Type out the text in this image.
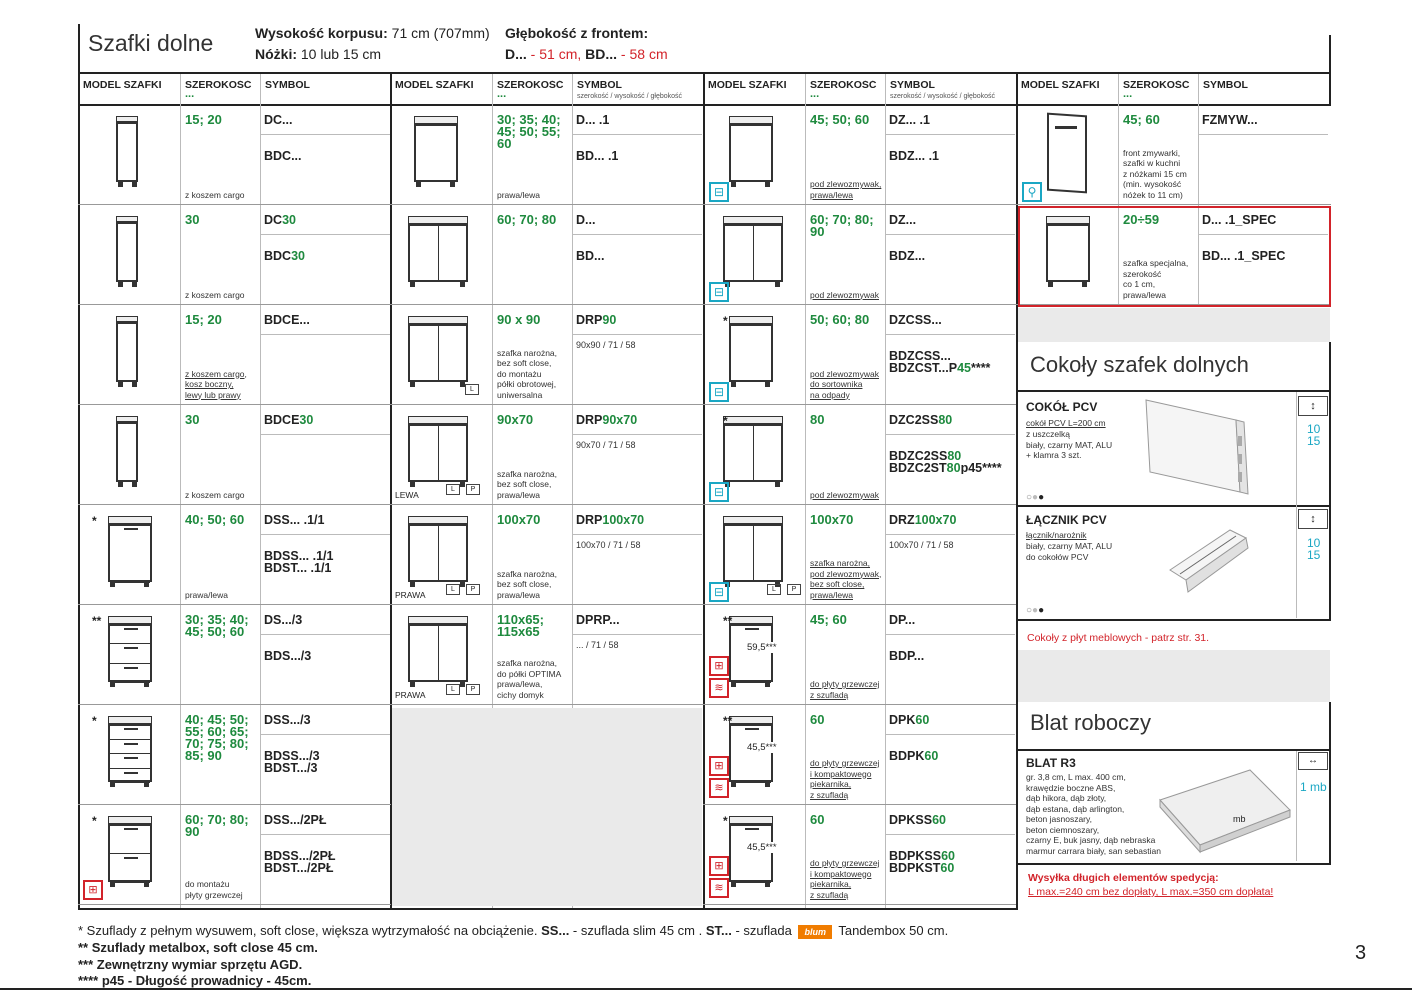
Szafki dolne	Wysokość korpusu: 71 cm (707mm)
Nóżki: 10 lub 15 cm
Głębokość z frontem:
D... - 51 cm, BD... - 58 cm
MODEL SZAFKI	SZEROKOŚĆ
...
SYMBOL
15; 20	DC...
BDC...
z koszem cargo
30	DC30
BDC30
z koszem cargo
15; 20	BDCE...
z koszem cargo,
kosz boczny,
lewy lub prawy
30	BDCE30
z koszem cargo
*	40; 50; 60	DSS... .1/1
BDSS... .1/1
BDST... .1/1
prawa/lewa
**	30; 35; 40;
45; 50; 60
DS.../3
BDS.../3
*	40; 45; 50;
55; 60; 65;
70; 75; 80;
85; 90
DSS.../3
BDSS.../3
BDST.../3
*	60; 70; 80;
90
DSS.../2PŁ
BDSS.../2PŁ
BDST.../2PŁ
do montażu
płyty grzewczej
⊞
MODEL SZAFKI	SZEROKOŚĆ
...
SYMBOL
szerokość / wysokość / głębokość
30; 35; 40;
45; 50; 55;
60
D... .1
BD... .1
prawa/lewa
60; 70; 80	D...
BD...
90 x 90	DRP90
90x90 / 71 / 58
szafka narożna,
bez soft close,
do montażu
półki obrotowej,
uniwersalna
L
90x70	DRP90x70
90x70 / 71 / 58
szafka narożna,
bez soft close,
prawa/lewa
LEWA
L	P
100x70	DRP100x70
100x70 / 71 / 58
szafka narożna,
bez soft close,
prawa/lewa
PRAWA
L	P
110x65;
115x65
DPRP...
... / 71 / 58
szafka narożna,
do półki OPTIMA
prawa/lewa,
cichy domyk
PRAWA
L	P
MODEL SZAFKI	SZEROKOŚĆ
...
SYMBOL
szerokość / wysokość / głębokość
45; 50; 60	DZ... .1
BDZ... .1
pod zlewozmywak,
prawa/lewa
⊟
60; 70; 80;
90
DZ...
BDZ...
pod zlewozmywak
⊟
*	50; 60; 80	DZCSS...
BDZCSS...
BDZCST...P45****
pod zlewozmywak
do sortownika
na odpady
⊟
*	80	DZC2SS80
BDZC2SS80
BDZC2ST80p45****
pod zlewozmywak
⊟
100x70	DRZ100x70
100x70 / 71 / 58
szafka narożna,
pod zlewozmywak,
bez soft close,
prawa/lewa
⊟	L	P
**	45; 60	DP...
BDP...
do płyty grzewczej
z szufladą
59,5***
⊞
≋
**	60	DPK60
BDPK60
do płyty grzewczej
i kompaktowego
piekarnika,
z szufladą
45,5***
⊞
≋
*	60	DPKSS60
BDPKSS60
BDPKST60
do płyty grzewczej
i kompaktowego
piekarnika,
z szufladą
45,5***
⊞
≋
MODEL SZAFKI	SZEROKOŚĆ
...
SYMBOL
⚲
45; 60	FZMYW...
front zmywarki,
szafki w kuchni
z nóżkami 15 cm
(min. wysokość
nóżek to 11 cm)
20÷59	D... .1_SPEC
BD... .1_SPEC
szafka specjalna,
szerokość
co 1 cm,
prawa/lewa
Cokoły szafek dolnych
COKÓŁ PCV
cokół PCV L=200 cm
z uszczelką
biały, czarny MAT, ALU
+ klamra 3 szt.
○●●
↕
10
15
ŁĄCZNIK PCV
łącznik/narożnik
biały, czarny MAT, ALU
do cokołów PCV
○●●
↕
10
15
Cokoły z płyt meblowych - patrz str. 31.
Blat roboczy
BLAT R3
gr. 3,8 cm, L max. 400 cm,
krawędzie boczne ABS,
dąb hikora, dąb złoty,
dąb estana, dąb arlington,
beton jasnoszary,
beton ciemnoszary,
czarny E, buk jasny, dąb nebraska
marmur carrara biały, san sebastian
mb
↔
1 mb
Wysyłka długich elementów spedycją:
L max.=240 cm bez dopłaty, L max.=350 cm dopłata!
* Szuflady z pełnym wysuwem, soft close, większa wytrzymałość na obciążenie. SS... - szuflada slim 45 cm . ST... - szuflada blum Tandembox 50 cm.
** Szuflady metalbox, soft close 45 cm.
*** Zewnętrzny wymiar sprzętu AGD.
**** p45 - Długość prowadnicy - 45cm.
3
